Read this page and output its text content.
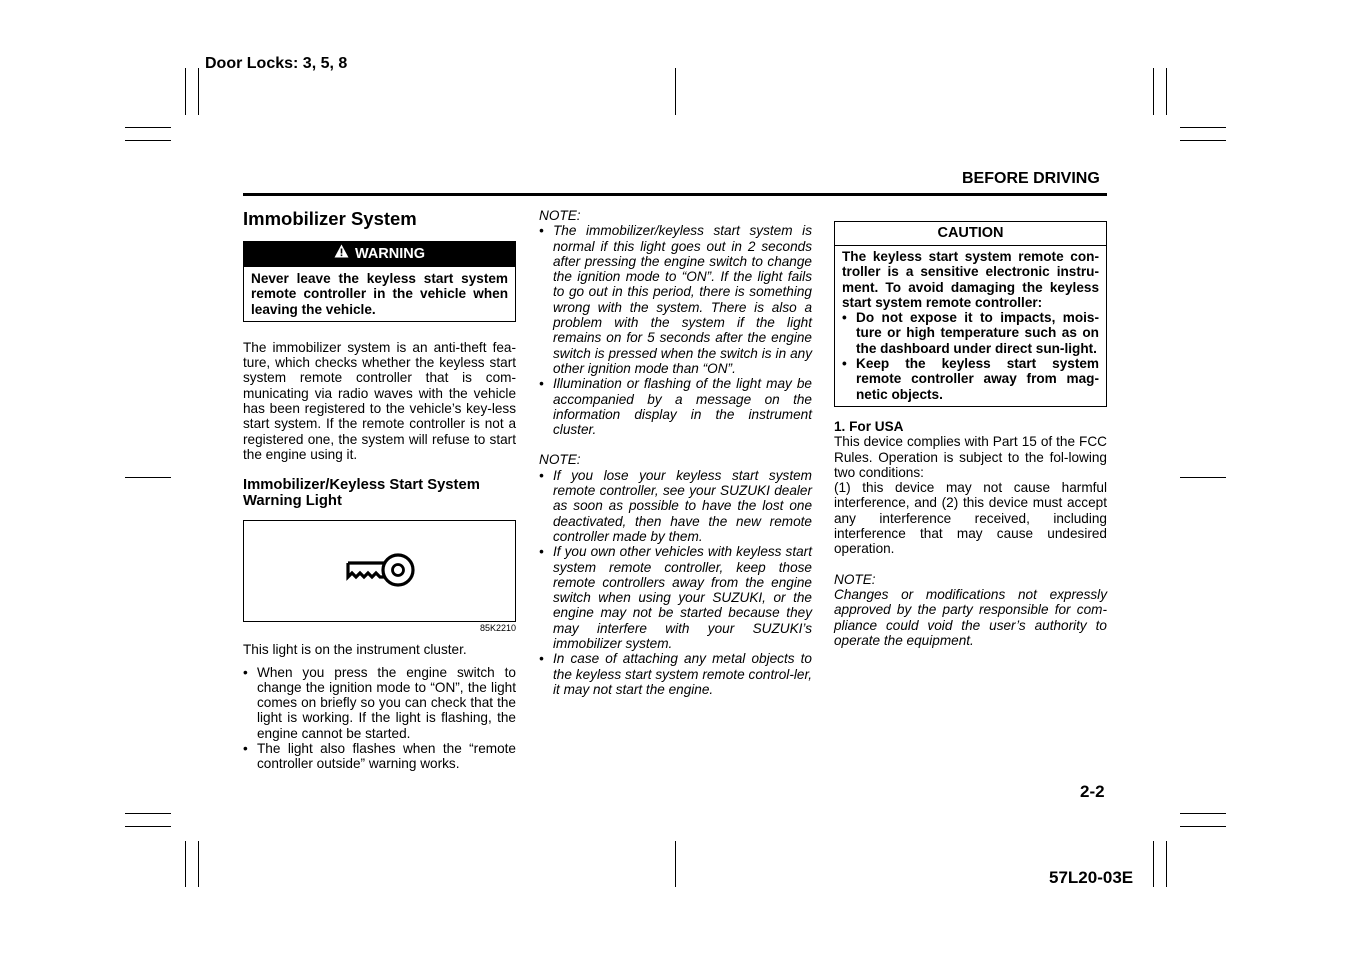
Door Locks: 3, 5, 8
BEFORE DRIVING
Immobilizer System
WARNING
Never leave the keyless start system remote controller in the vehicle when leaving the vehicle.

The immobilizer system is an anti-theft fea-ture, which checks whether the keyless start system remote controller that is com-municating via radio waves with the vehicle has been registered to the vehicle’s key-less start system. If the remote controller is not a registered one, the system will refuse to start the engine using it.

Immobilizer/Keyless Start System Warning Light
85K2210

This light is on the instrument cluster.

• When you press the engine switch to change the ignition mode to “ON”, the light comes on briefly so you can check that the light is working. If the light is flashing, the engine cannot be started.
• The light also flashes when the “remote controller outside” warning works.
NOTE:
• The immobilizer/keyless start system is normal if this light goes out in 2 seconds after pressing the engine switch to change the ignition mode to “ON”. If the light fails to go out in this period, there is something wrong with the system. There is also a problem with the system if the light remains on for 5 seconds after the engine switch is pressed when the switch is in any other ignition mode than “ON”.
• Illumination or flashing of the light may be accompanied by a message on the information display in the instrument cluster.
NOTE:
• If you lose your keyless start system remote controller, see your SUZUKI dealer as soon as possible to have the lost one deactivated, then have the new remote controller made by them.
• If you own other vehicles with keyless start system remote controller, keep those remote controllers away from the engine switch when using your SUZUKI, or the engine may not be started because they may interfere with your SUZUKI’s immobilizer system.
• In case of attaching any metal objects to the keyless start system remote control-ler, it may not start the engine.
CAUTION
The keyless start system remote con-troller is a sensitive electronic instru-ment. To avoid damaging the keyless start system remote controller:
• Do not expose it to impacts, mois-ture or high temperature such as on the dashboard under direct sun-light.
• Keep the keyless start system remote controller away from mag-netic objects.
1. For USA

This device complies with Part 15 of the FCC Rules. Operation is subject to the fol-lowing two conditions:

(1) this device may not cause harmful interference, and (2) this device must accept any interference received, including interference that may cause undesired operation.

NOTE:

Changes or modifications not expressly approved by the party responsible for com-pliance could void the user’s authority to operate the equipment.

2-2
57L20-03E
